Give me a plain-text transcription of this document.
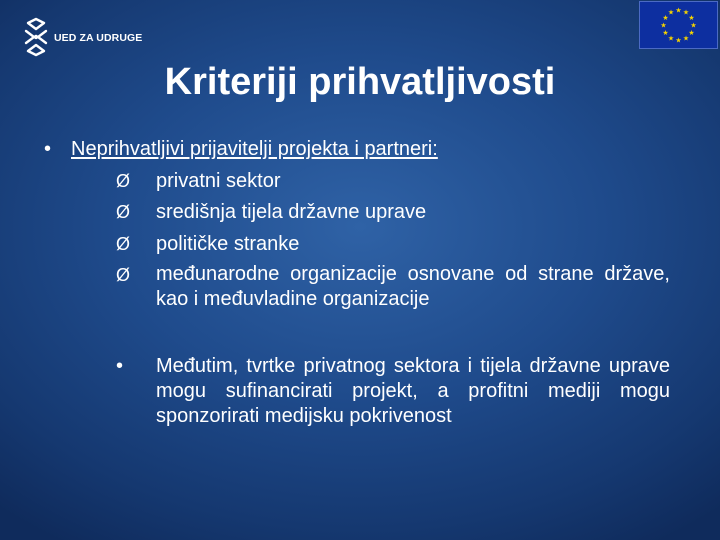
UED ZA UDRUGE
★ ★
★
★
★
★
★
★
★
★
★
★
Kriteriji prihvatljivosti
• Neprihvatljivi prijavitelji projekta i partneri:
Ø privatni sektor
Ø središnja tijela državne uprave
Ø političke stranke
Ø međunarodne organizacije osnovane od strane države, kao i međuvladine organizacije
• Međutim, tvrtke privatnog sektora i tijela državne uprave mogu sufinancirati projekt, a profitni mediji mogu sponzorirati medijsku pokrivenost
